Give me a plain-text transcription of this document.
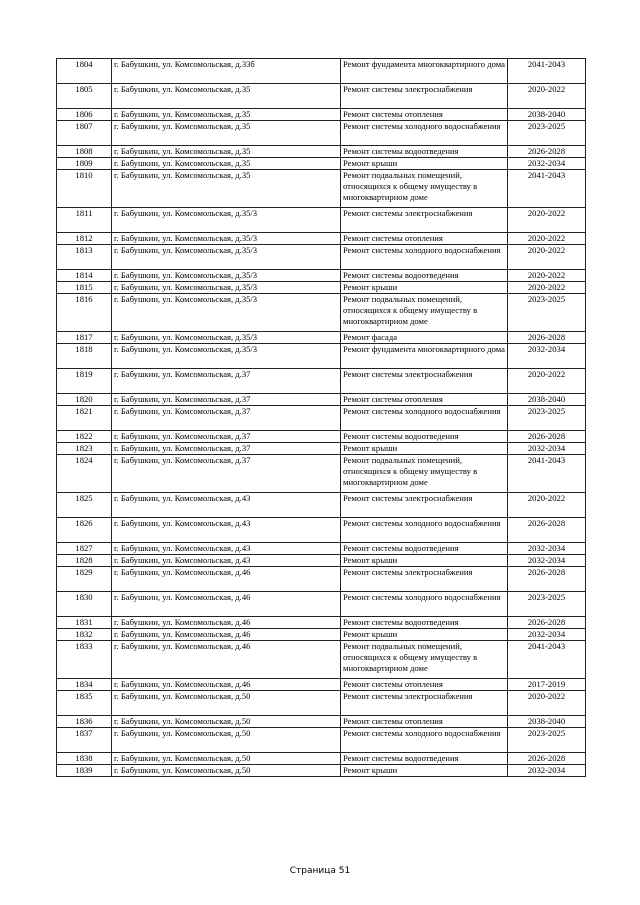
1804	г. Бабушкин, ул. Комсомольская, д.33б	Ремонт фундамента многоквартирного дома	2041-2043
1805	г. Бабушкин, ул. Комсомольская, д.35	Ремонт системы электроснабжения	2020-2022
1806	г. Бабушкин, ул. Комсомольская, д.35	Ремонт системы отопления	2038-2040
1807	г. Бабушкин, ул. Комсомольская, д.35	Ремонт системы холодного водоснабжения	2023-2025
1808	г. Бабушкин, ул. Комсомольская, д.35	Ремонт системы водоотведения	2026-2028
1809	г. Бабушкин, ул. Комсомольская, д.35	Ремонт крыши	2032-2034
1810	г. Бабушкин, ул. Комсомольская, д.35	Ремонт подвальных помещений, относящихся к общему имуществу в многоквартирном доме	2041-2043
1811	г. Бабушкин, ул. Комсомольская, д.35/3	Ремонт системы электроснабжения	2020-2022
1812	г. Бабушкин, ул. Комсомольская, д.35/3	Ремонт системы отопления	2020-2022
1813	г. Бабушкин, ул. Комсомольская, д.35/3	Ремонт системы холодного водоснабжения	2020-2022
1814	г. Бабушкин, ул. Комсомольская, д.35/3	Ремонт системы водоотведения	2020-2022
1815	г. Бабушкин, ул. Комсомольская, д.35/3	Ремонт крыши	2020-2022
1816	г. Бабушкин, ул. Комсомольская, д.35/3	Ремонт подвальных помещений, относящихся к общему имуществу в многоквартирном доме	2023-2025
1817	г. Бабушкин, ул. Комсомольская, д.35/3	Ремонт фасада	2026-2028
1818	г. Бабушкин, ул. Комсомольская, д.35/3	Ремонт фундамента многоквартирного дома	2032-2034
1819	г. Бабушкин, ул. Комсомольская, д.37	Ремонт системы электроснабжения	2020-2022
1820	г. Бабушкин, ул. Комсомольская, д.37	Ремонт системы отопления	2038-2040
1821	г. Бабушкин, ул. Комсомольская, д.37	Ремонт системы холодного водоснабжения	2023-2025
1822	г. Бабушкин, ул. Комсомольская, д.37	Ремонт системы водоотведения	2026-2028
1823	г. Бабушкин, ул. Комсомольская, д.37	Ремонт крыши	2032-2034
1824	г. Бабушкин, ул. Комсомольская, д.37	Ремонт подвальных помещений, относящихся к общему имуществу в многоквартирном доме	2041-2043
1825	г. Бабушкин, ул. Комсомольская, д.43	Ремонт системы электроснабжения	2020-2022
1826	г. Бабушкин, ул. Комсомольская, д.43	Ремонт системы холодного водоснабжения	2026-2028
1827	г. Бабушкин, ул. Комсомольская, д.43	Ремонт системы водоотведения	2032-2034
1828	г. Бабушкин, ул. Комсомольская, д.43	Ремонт крыши	2032-2034
1829	г. Бабушкин, ул. Комсомольская, д.46	Ремонт системы электроснабжения	2026-2028
1830	г. Бабушкин, ул. Комсомольская, д.46	Ремонт системы холодного водоснабжения	2023-2025
1831	г. Бабушкин, ул. Комсомольская, д.46	Ремонт системы водоотведения	2026-2028
1832	г. Бабушкин, ул. Комсомольская, д.46	Ремонт крыши	2032-2034
1833	г. Бабушкин, ул. Комсомольская, д.46	Ремонт подвальных помещений, относящихся к общему имуществу в многоквартирном доме	2041-2043
1834	г. Бабушкин, ул. Комсомольская, д.46	Ремонт системы отопления	2017-2019
1835	г. Бабушкин, ул. Комсомольская, д.50	Ремонт системы электроснабжения	2020-2022
1836	г. Бабушкин, ул. Комсомольская, д.50	Ремонт системы отопления	2038-2040
1837	г. Бабушкин, ул. Комсомольская, д.50	Ремонт системы холодного водоснабжения	2023-2025
1838	г. Бабушкин, ул. Комсомольская, д.50	Ремонт системы водоотведения	2026-2028
1839	г. Бабушкин, ул. Комсомольская, д.50	Ремонт крыши	2032-2034
Страница 51
